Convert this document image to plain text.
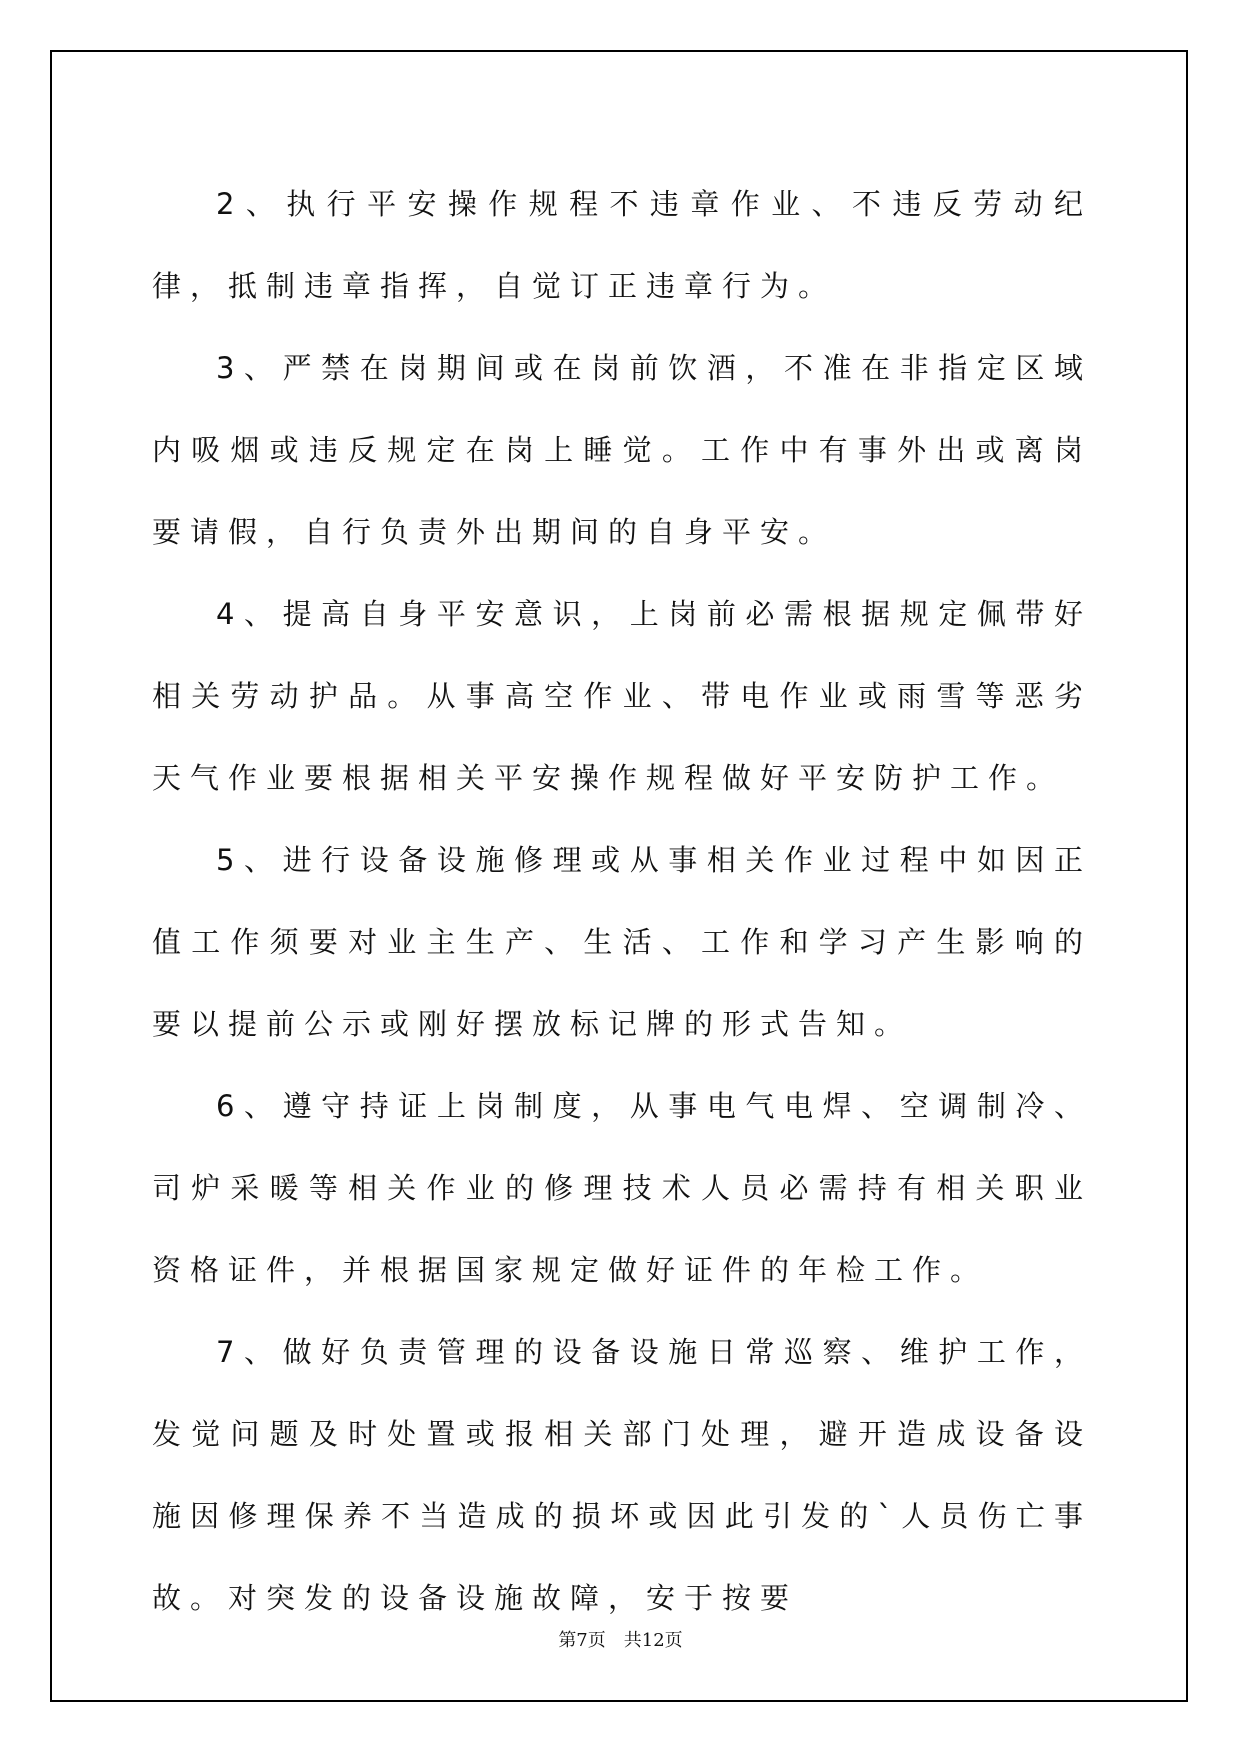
2、执行平安操作规程不违章作业、不违反劳动纪律，抵制违章指挥，自觉订正违章行为。

3、严禁在岗期间或在岗前饮酒，不准在非指定区域内吸烟或违反规定在岗上睡觉。工作中有事外出或离岗要请假，自行负责外出期间的自身平安。

4、提高自身平安意识，上岗前必需根据规定佩带好相关劳动护品。从事高空作业、带电作业或雨雪等恶劣天气作业要根据相关平安操作规程做好平安防护工作。

5、进行设备设施修理或从事相关作业过程中如因正值工作须要对业主生产、生活、工作和学习产生影响的要以提前公示或刚好摆放标记牌的形式告知。

6、遵守持证上岗制度，从事电气电焊、空调制冷、司炉采暖等相关作业的修理技术人员必需持有相关职业资格证件，并根据国家规定做好证件的年检工作。

7、做好负责管理的设备设施日常巡察、维护工作，发觉问题及时处置或报相关部门处理，避开造成设备设施因修理保养不当造成的损坏或因此引发的`人员伤亡事故。对突发的设备设施故障，安于按要

第7页　共12页
